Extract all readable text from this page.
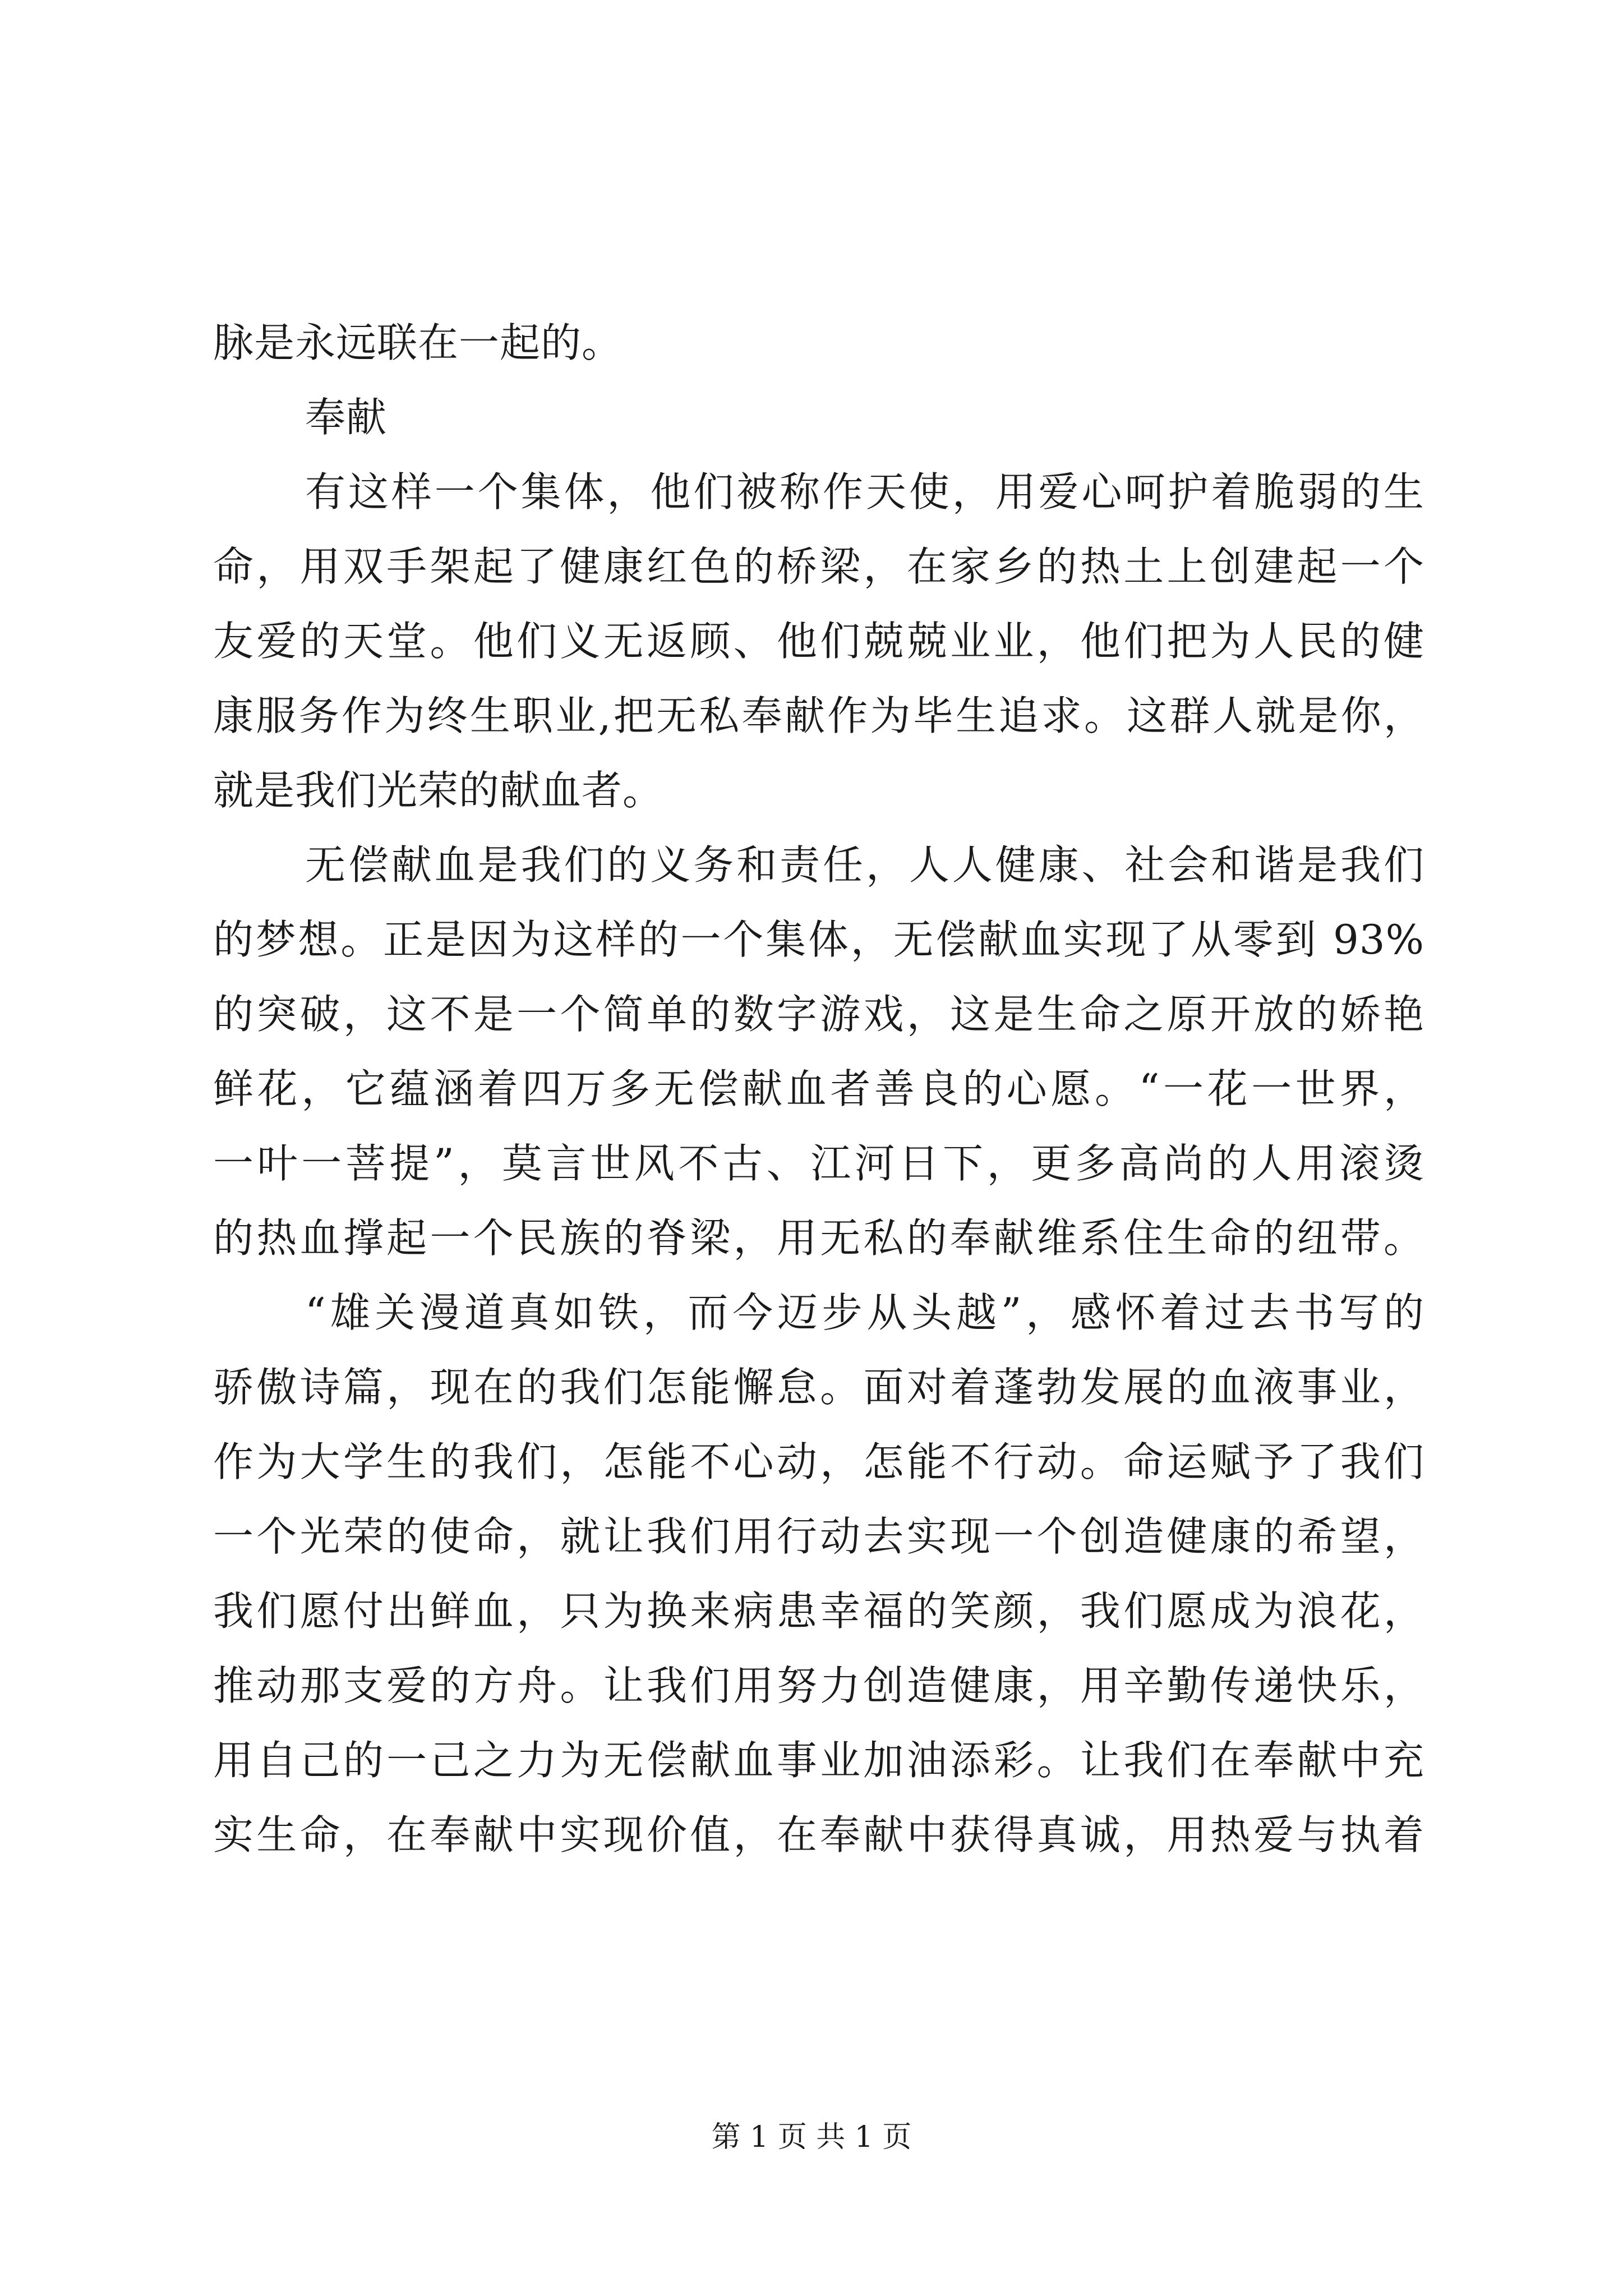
脉是永远联在一起的。
奉献
有这样一个集体，他们被称作天使，用爱心呵护着脆弱的生
命，用双手架起了健康红色的桥梁，在家乡的热土上创建起一个
友爱的天堂。他们义无返顾、他们兢兢业业，他们把为人民的健
康服务作为终生职业,把无私奉献作为毕生追求。这群人就是你，
就是我们光荣的献血者。
无偿献血是我们的义务和责任，人人健康、社会和谐是我们
的梦想。正是因为这样的一个集体，无偿献血实现了从零到 93%
的突破，这不是一个简单的数字游戏，这是生命之原开放的娇艳
鲜花，它蕴涵着四万多无偿献血者善良的心愿。“一花一世界，
一叶一菩提”，莫言世风不古、江河日下，更多高尚的人用滚烫
的热血撑起一个民族的脊梁，用无私的奉献维系住生命的纽带。
“雄关漫道真如铁，而今迈步从头越”，感怀着过去书写的
骄傲诗篇，现在的我们怎能懈怠。面对着蓬勃发展的血液事业，
作为大学生的我们，怎能不心动，怎能不行动。命运赋予了我们
一个光荣的使命，就让我们用行动去实现一个创造健康的希望，
我们愿付出鲜血，只为换来病患幸福的笑颜，我们愿成为浪花，
推动那支爱的方舟。让我们用努力创造健康，用辛勤传递快乐，
用自己的一己之力为无偿献血事业加油添彩。让我们在奉献中充
实生命，在奉献中实现价值，在奉献中获得真诚，用热爱与执着
第 1 页 共 1 页
